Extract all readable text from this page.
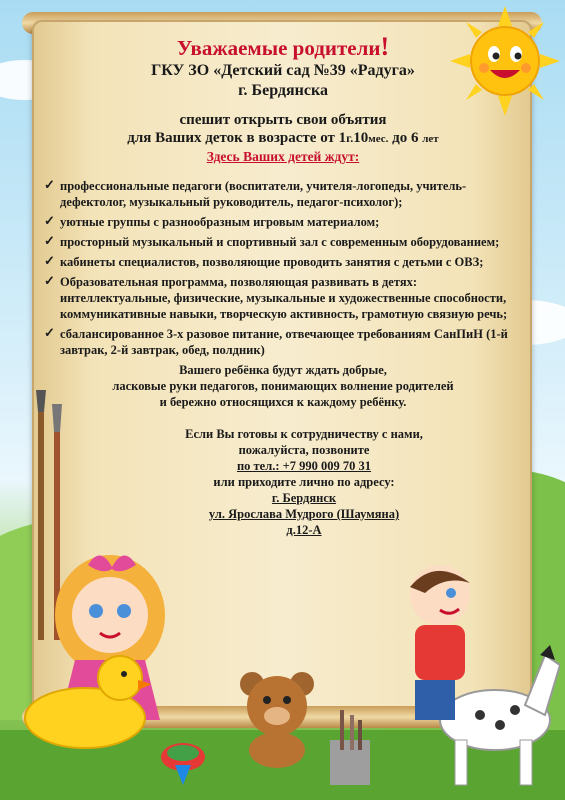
Уважаемые родители!
ГКУ ЗО «Детский сад №39 «Радуга»
г. Бердянска
спешит открыть свои объятия
для Ваших деток в возрасте от 1г.10мес. до 6 лет
Здесь Ваших детей ждут:
✓ профессиональные педагоги (воспитатели, учителя-логопеды, учитель-дефектолог, музыкальный руководитель, педагог-психолог);
✓ уютные группы с разнообразным игровым материалом;
✓ просторный музыкальный и спортивный зал с современным оборудованием;
✓ кабинеты специалистов, позволяющие проводить занятия с детьми с ОВЗ;
✓ Образовательная программа, позволяющая развивать в детях: интеллектуальные, физические, музыкальные и художественные способности, коммуникативные навыки, творческую активность, грамотную связную речь;
✓ сбалансированное 3-х разовое питание, отвечающее требованиям СанПиН (1-й завтрак, 2-й завтрак, обед, полдник)
Вашего ребёнка будут ждать добрые,
ласковые руки педагогов, понимающих волнение родителей
и бережно относящихся к каждому ребёнку.
Если Вы готовы к сотрудничеству с нами,
пожалуйста, позвоните
по тел.: +7 990 009 70 31
или приходите лично по адресу:
г. Бердянск
ул. Ярослава Мудрого (Шаумяна)
д.12-А
